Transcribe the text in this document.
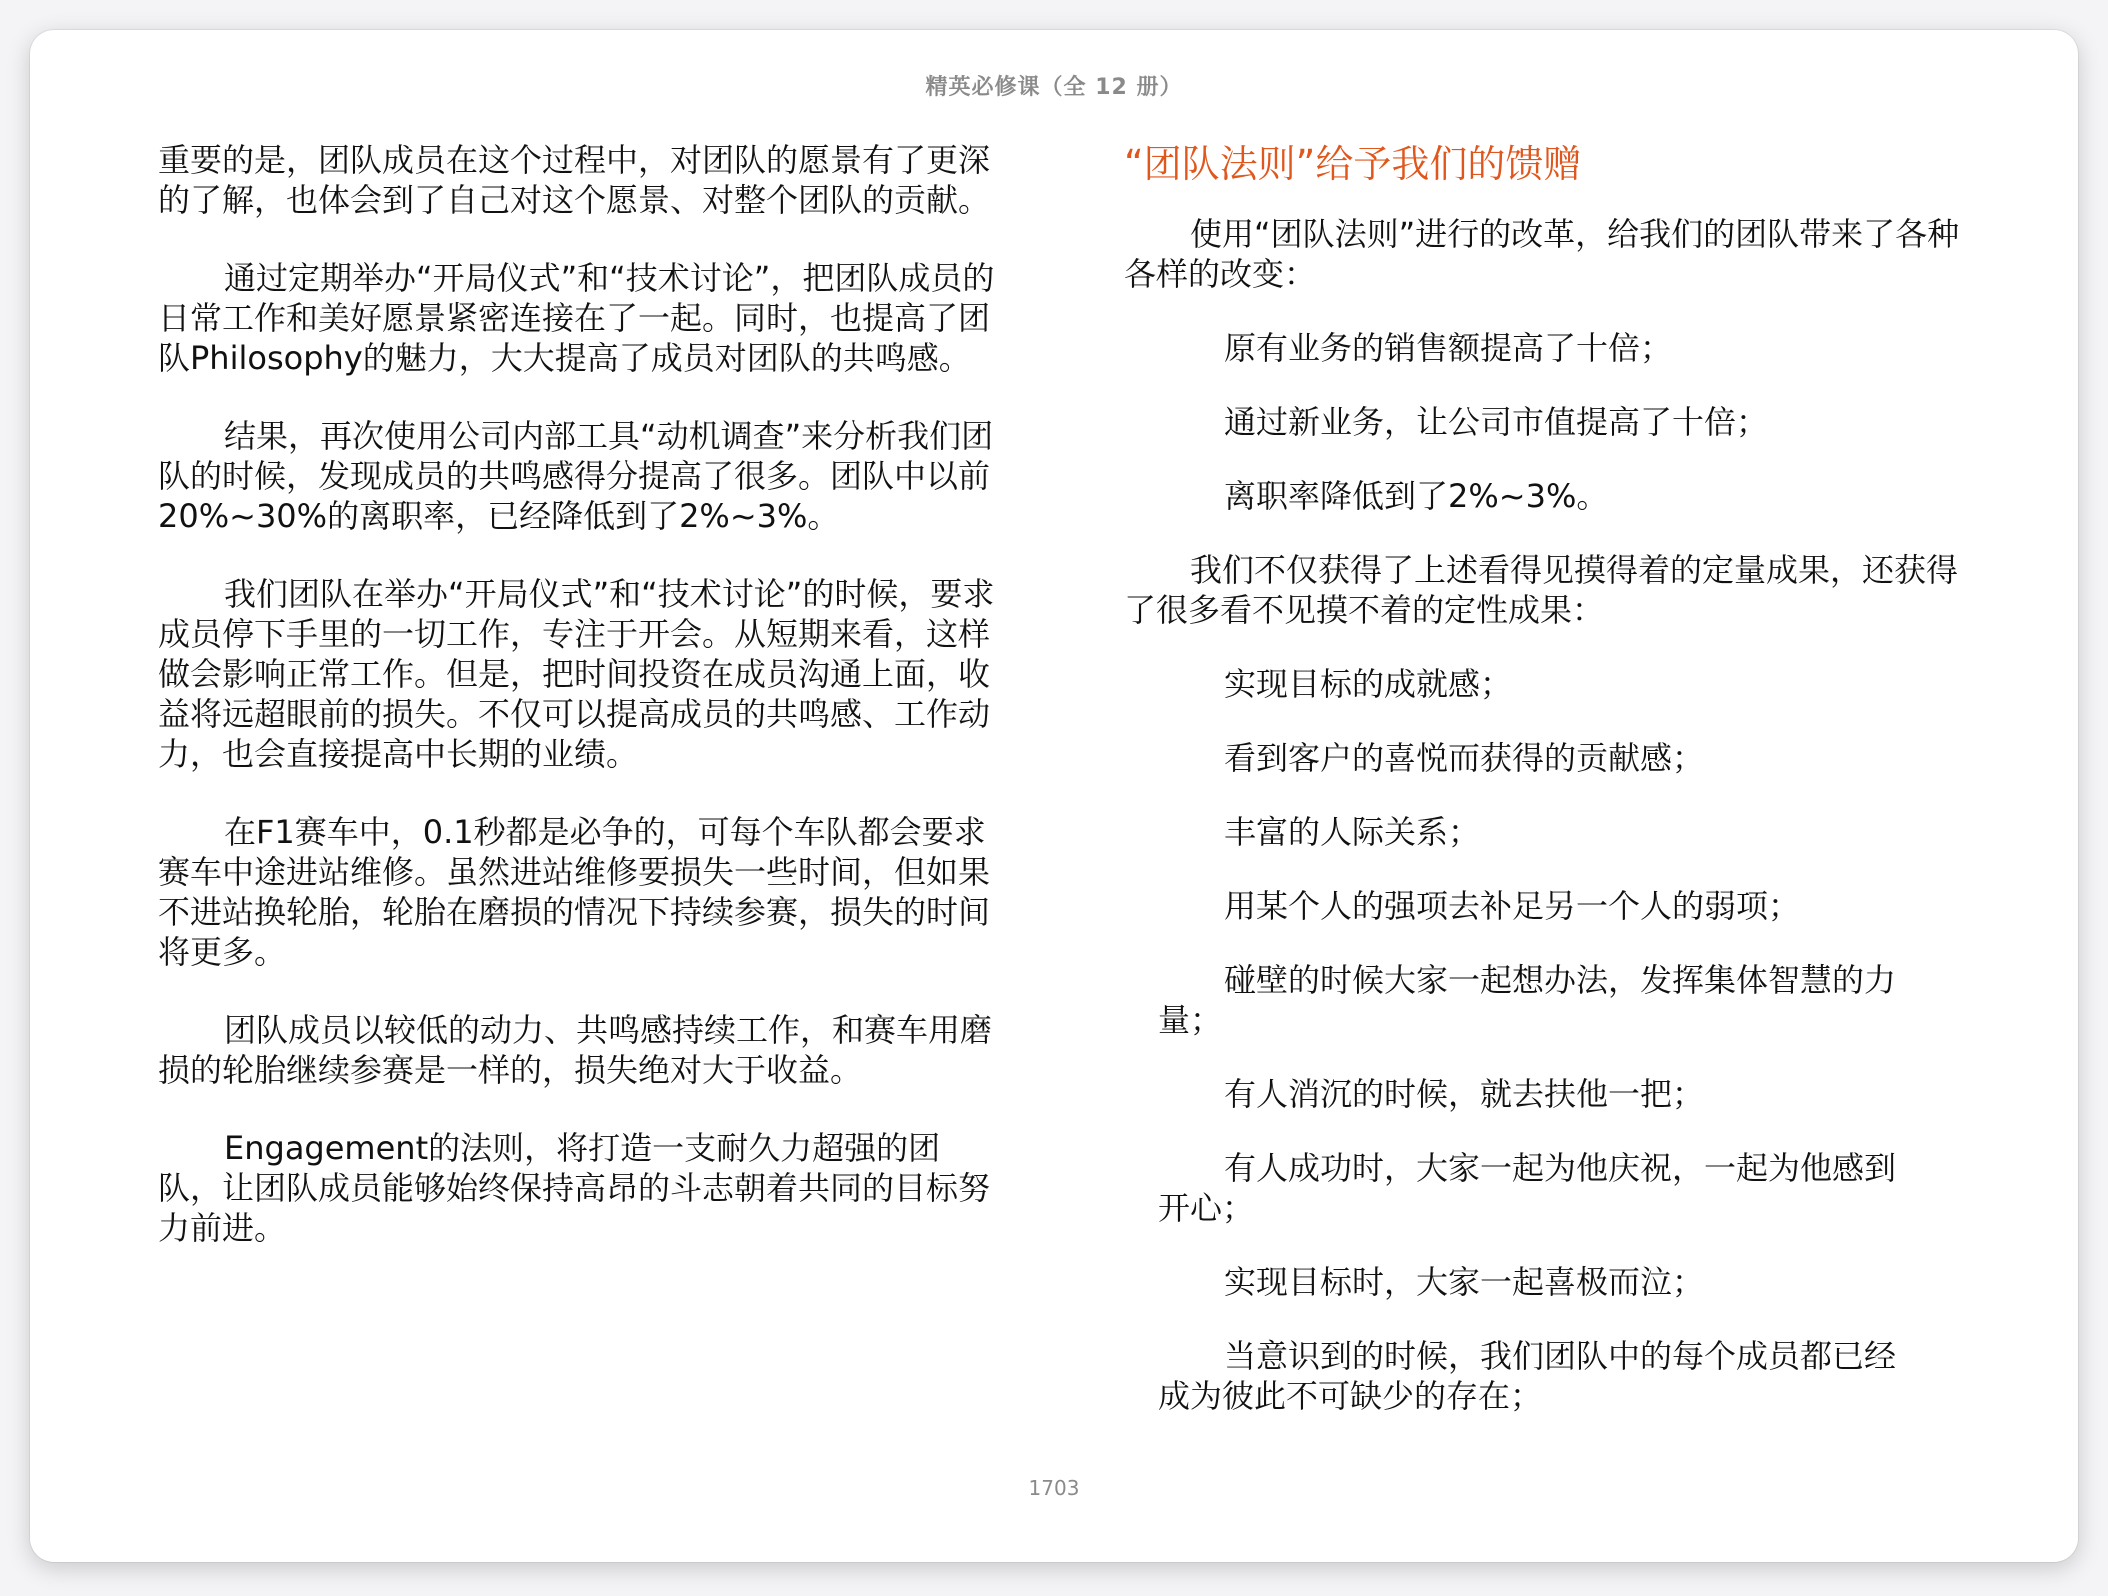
精英必修课（全 12 册）

重要的是，团队成员在这个过程中，对团队的愿景有了更深的了解，也体会到了自己对这个愿景、对整个团队的贡献。

通过定期举办“开局仪式”和“技术讨论”，把团队成员的日常工作和美好愿景紧密连接在了一起。同时，也提高了团队Philosophy的魅力，大大提高了成员对团队的共鸣感。

结果，再次使用公司内部工具“动机调查”来分析我们团队的时候，发现成员的共鸣感得分提高了很多。团队中以前20%~30%的离职率，已经降低到了2%~3%。

我们团队在举办“开局仪式”和“技术讨论”的时候，要求成员停下手里的一切工作，专注于开会。从短期来看，这样做会影响正常工作。但是，把时间投资在成员沟通上面，收益将远超眼前的损失。不仅可以提高成员的共鸣感、工作动力，也会直接提高中长期的业绩。

在F1赛车中，0.1秒都是必争的，可每个车队都会要求赛车中途进站维修。虽然进站维修要损失一些时间，但如果不进站换轮胎，轮胎在磨损的情况下持续参赛，损失的时间将更多。

团队成员以较低的动力、共鸣感持续工作，和赛车用磨损的轮胎继续参赛是一样的，损失绝对大于收益。

Engagement的法则，将打造一支耐久力超强的团队，让团队成员能够始终保持高昂的斗志朝着共同的目标努力前进。

“团队法则”给予我们的馈赠

使用“团队法则”进行的改革，给我们的团队带来了各种各样的改变：

原有业务的销售额提高了十倍；
通过新业务，让公司市值提高了十倍；
离职率降低到了2%~3%。

我们不仅获得了上述看得见摸得着的定量成果，还获得了很多看不见摸不着的定性成果：

实现目标的成就感；
看到客户的喜悦而获得的贡献感；
丰富的人际关系；
用某个人的强项去补足另一个人的弱项；
碰壁的时候大家一起想办法，发挥集体智慧的力量；
有人消沉的时候，就去扶他一把；
有人成功时，大家一起为他庆祝，一起为他感到开心；
实现目标时，大家一起喜极而泣；
当意识到的时候，我们团队中的每个成员都已经成为彼此不可缺少的存在；
1703
